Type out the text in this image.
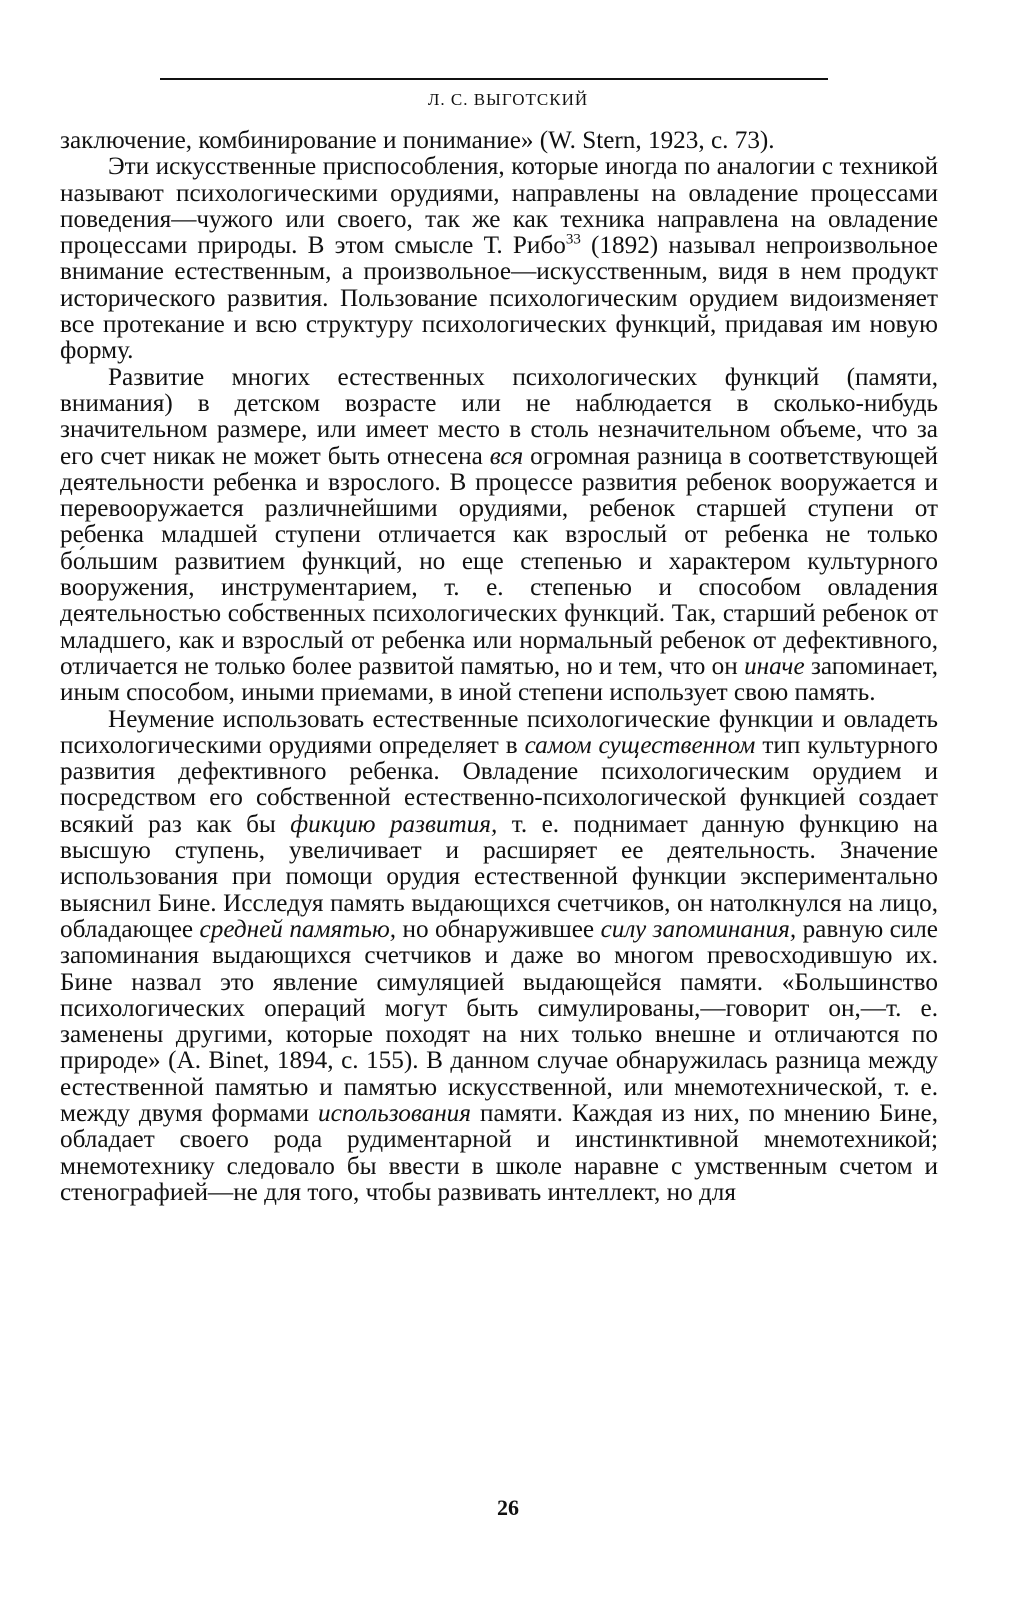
Л. С. ВЫГОТСКИЙ

заключение, комбинирование и понимание» (W. Stern, 1923, с. 73).

Эти искусственные приспособления, которые иногда по аналогии с техникой называют психологическими орудиями, направлены на овладение процессами поведения—чужого или своего, так же как техника направлена на овладение процессами природы. В этом смысле Т. Рибо$^{33}$ (1892) называл непроизвольное внимание естественным, а произвольное—искусственным, видя в нем продукт исторического развития. Пользование психологическим орудием видоизменяет все протекание и всю структуру психологических функций, придавая им новую форму.

Развитие многих естественных психологических функций (памяти, внимания) в детском возрасте или не наблюдается в сколько-нибудь значительном размере, или имеет место в столь незначительном объеме, что за его счет никак не может быть отнесена вся огромная разница в соответствующей деятельности ребенка и взрослого. В процессе развития ребенок вооружается и перевооружается различнейшими орудиями, ребенок старшей ступени от ребенка младшей ступени отличается как взрослый от ребенка не только бо́льшим развитием функций, но еще степенью и характером культурного вооружения, инструментарием, т. е. степенью и способом овладения деятельностью собственных психологических функций. Так, старший ребенок от младшего, как и взрослый от ребенка или нормальный ребенок от дефективного, отличается не только более развитой памятью, но и тем, что он иначе запоминает, иным способом, иными приемами, в иной степени использует свою память.

Неумение использовать естественные психологические функции и овладеть психологическими орудиями определяет в самом существенном тип культурного развития дефективного ребенка. Овладение психологическим орудием и посредством его собственной естественно-психологической функцией создает всякий раз как бы фикцию развития, т. е. поднимает данную функцию на высшую ступень, увеличивает и расширяет ее деятельность. Значение использования при помощи орудия естественной функции экспериментально выяснил Бине. Исследуя память выдающихся счетчиков, он натолкнулся на лицо, обладающее средней памятью, но обнаружившее силу запоминания, равную силе запоминания выдающихся счетчиков и даже во многом превосходившую их. Бине назвал это явление симуляцией выдающейся памяти. «Большинство психологических операций могут быть симулированы,—говорит он,—т. е. заменены другими, которые походят на них только внешне и отличаются по природе» (A. Binet, 1894, с. 155). В данном случае обнаружилась разница между естественной памятью и памятью искусственной, или мнемотехнической, т. е. между двумя формами использования памяти. Каждая из них, по мнению Бине, обладает своего рода рудиментарной и инстинктивной мнемотехникой; мнемотехнику следовало бы ввести в школе наравне с умственным счетом и стенографией—не для того, чтобы развивать интеллект, но для

26
